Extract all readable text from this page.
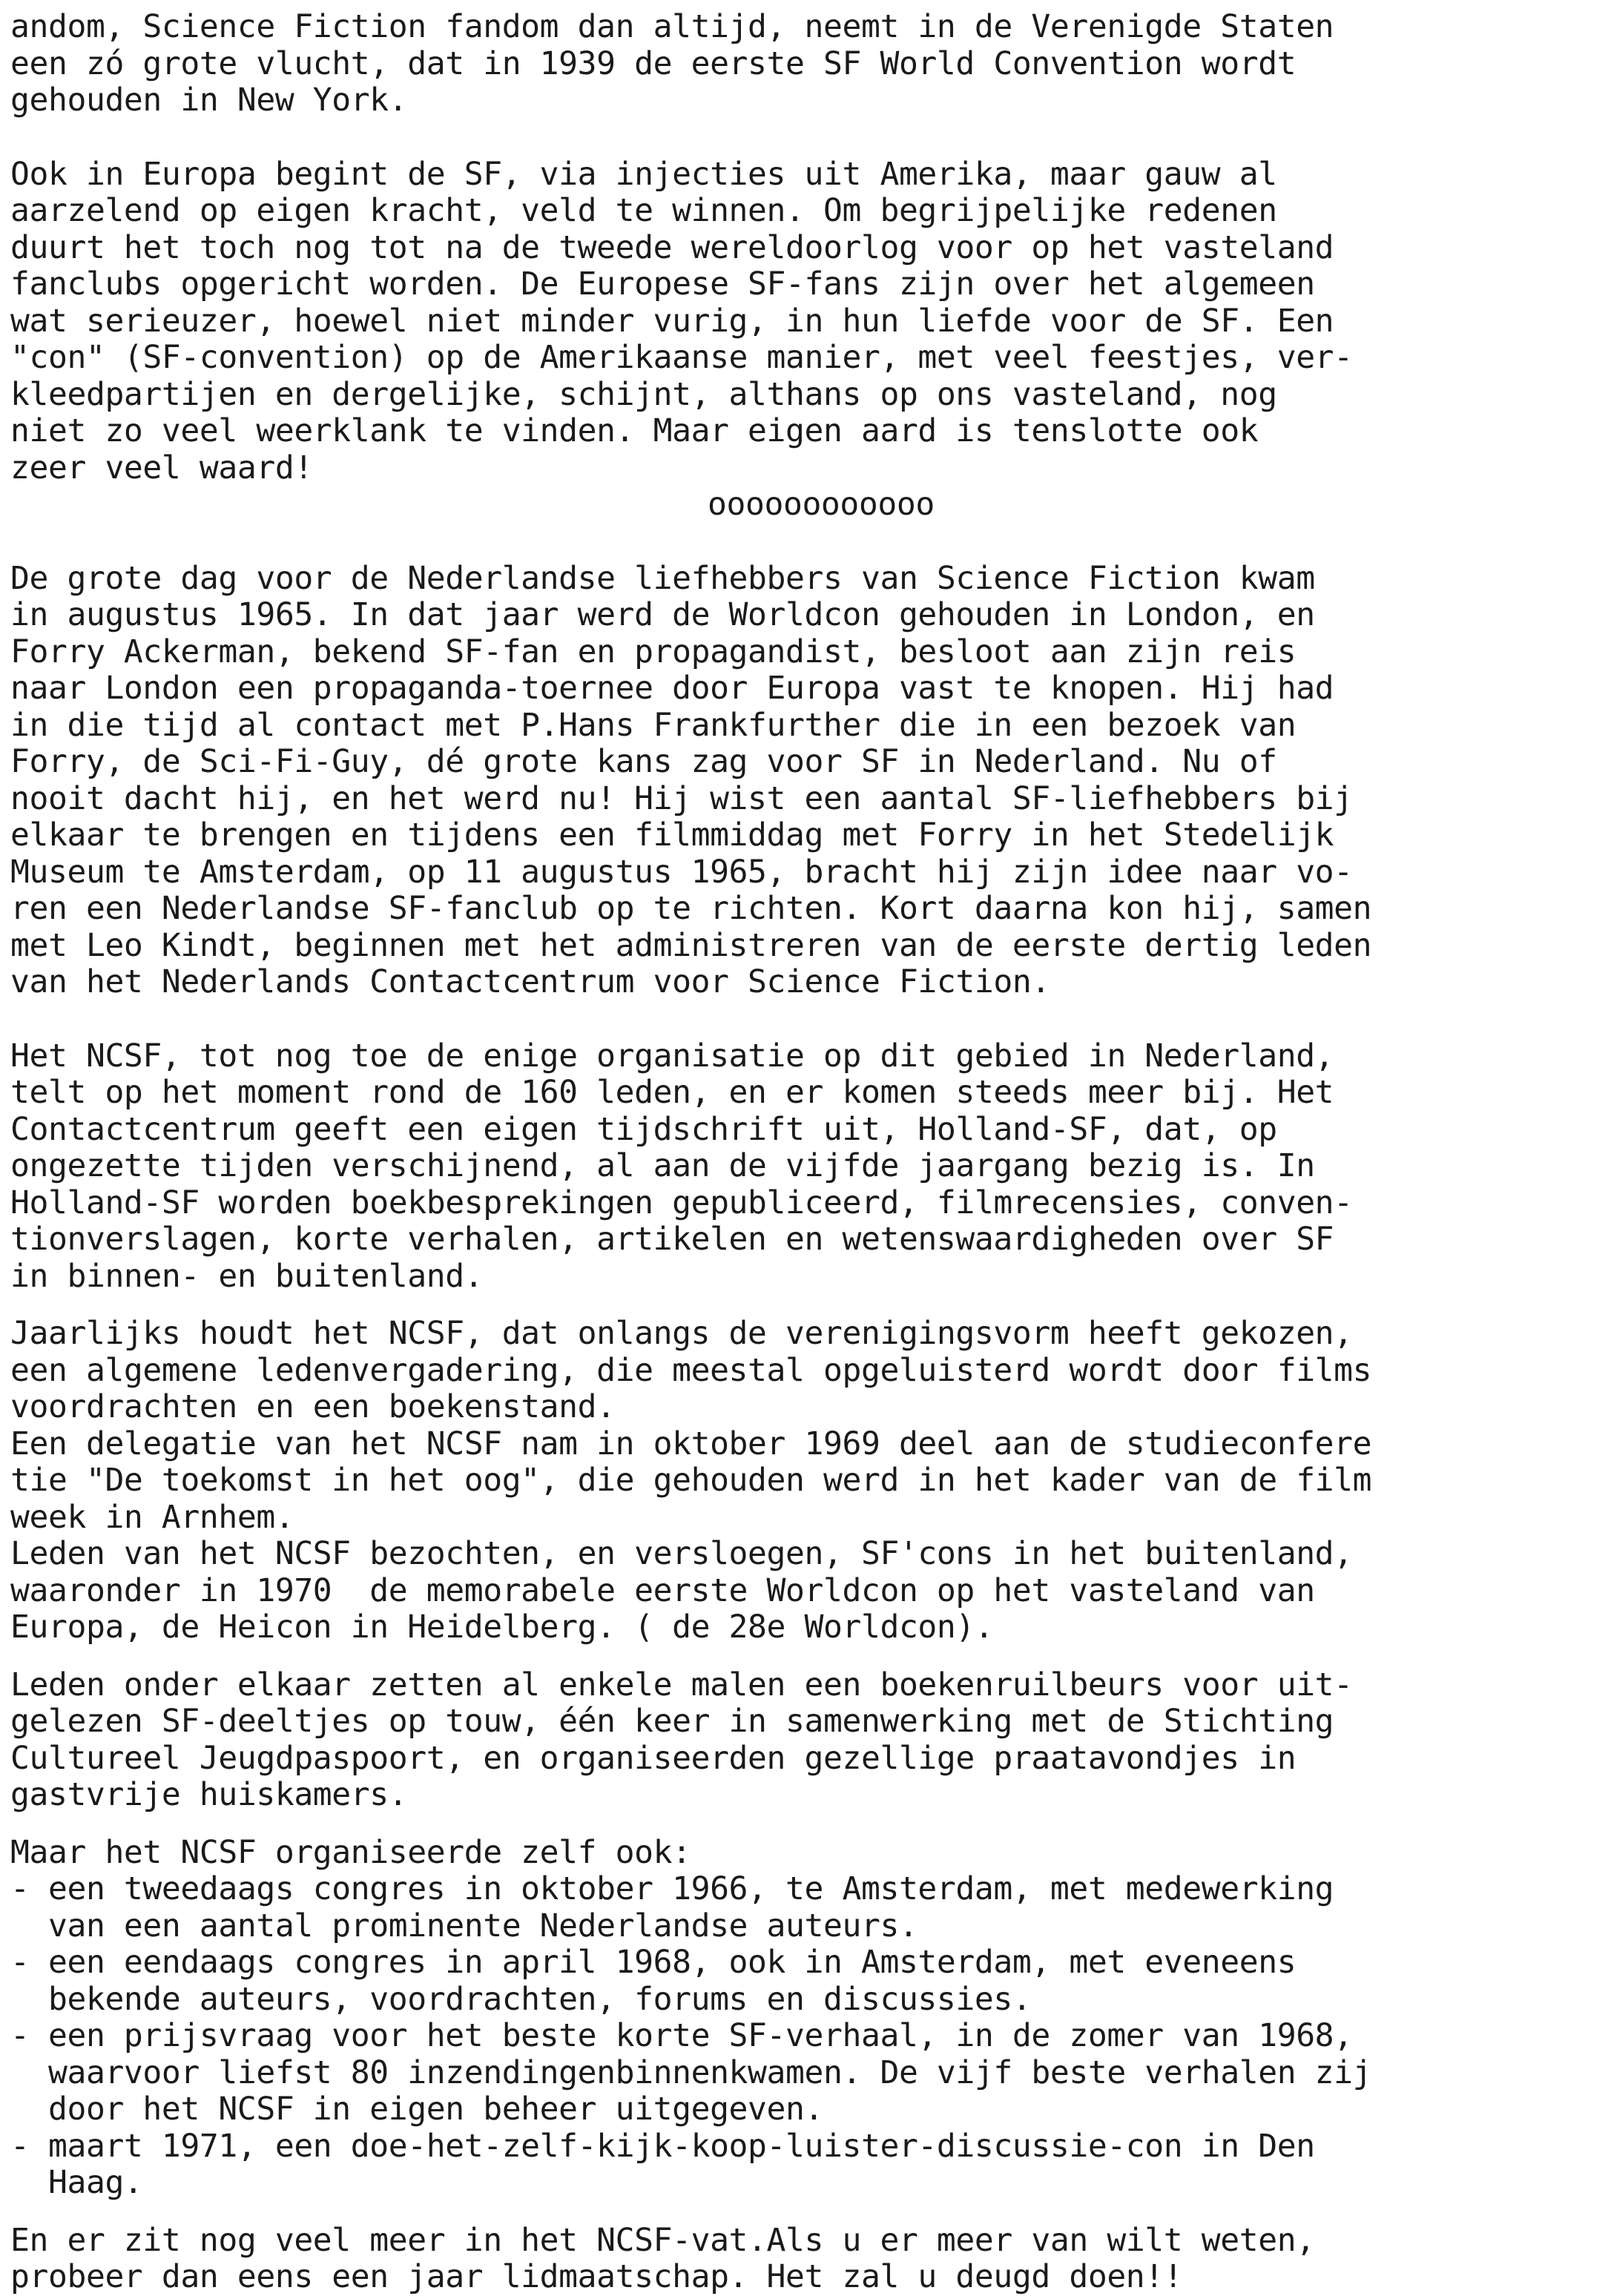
andom, Science Fiction fandom dan altijd, neemt in de Verenigde Staten
een zó grote vlucht, dat in 1939 de eerste SF World Convention wordt
gehouden in New York.
Ook in Europa begint de SF, via injecties uit Amerika, maar gauw al
aarzelend op eigen kracht, veld te winnen. Om begrijpelijke redenen
duurt het toch nog tot na de tweede wereldoorlog voor op het vasteland
fanclubs opgericht worden. De Europese SF-fans zijn over het algemeen
wat serieuzer, hoewel niet minder vurig, in hun liefde voor de SF. Een
"con" (SF-convention) op de Amerikaanse manier, met veel feestjes, ver-
kleedpartijen en dergelijke, schijnt, althans op ons vasteland, nog
niet zo veel weerklank te vinden. Maar eigen aard is tenslotte ook
zeer veel waard!
oooooooooooo
De grote dag voor de Nederlandse liefhebbers van Science Fiction kwam
in augustus 1965. In dat jaar werd de Worldcon gehouden in London, en
Forry Ackerman, bekend SF-fan en propagandist, besloot aan zijn reis
naar London een propaganda-toernee door Europa vast te knopen. Hij had
in die tijd al contact met P.Hans Frankfurther die in een bezoek van
Forry, de Sci-Fi-Guy, dé grote kans zag voor SF in Nederland. Nu of
nooit dacht hij, en het werd nu! Hij wist een aantal SF-liefhebbers bij
elkaar te brengen en tijdens een filmmiddag met Forry in het Stedelijk
Museum te Amsterdam, op 11 augustus 1965, bracht hij zijn idee naar vo-
ren een Nederlandse SF-fanclub op te richten. Kort daarna kon hij, samen
met Leo Kindt, beginnen met het administreren van de eerste dertig leden
van het Nederlands Contactcentrum voor Science Fiction.
Het NCSF, tot nog toe de enige organisatie op dit gebied in Nederland,
telt op het moment rond de 160 leden, en er komen steeds meer bij. Het
Contactcentrum geeft een eigen tijdschrift uit, Holland-SF, dat, op
ongezette tijden verschijnend, al aan de vijfde jaargang bezig is. In
Holland-SF worden boekbesprekingen gepubliceerd, filmrecensies, conven-
tionverslagen, korte verhalen, artikelen en wetenswaardigheden over SF
in binnen- en buitenland.
Jaarlijks houdt het NCSF, dat onlangs de verenigingsvorm heeft gekozen,
een algemene ledenvergadering, die meestal opgeluisterd wordt door films
voordrachten en een boekenstand.
Een delegatie van het NCSF nam in oktober 1969 deel aan de studieconfere
tie "De toekomst in het oog", die gehouden werd in het kader van de film
week in Arnhem.
Leden van het NCSF bezochten, en versloegen, SF'cons in het buitenland,
waaronder in 1970  de memorabele eerste Worldcon op het vasteland van
Europa, de Heicon in Heidelberg. ( de 28e Worldcon).
Leden onder elkaar zetten al enkele malen een boekenruilbeurs voor uit-
gelezen SF-deeltjes op touw, één keer in samenwerking met de Stichting
Cultureel Jeugdpaspoort, en organiseerden gezellige praatavondjes in
gastvrije huiskamers.
Maar het NCSF organiseerde zelf ook:
- een tweedaags congres in oktober 1966, te Amsterdam, met medewerking
van een aantal prominente Nederlandse auteurs.
- een eendaags congres in april 1968, ook in Amsterdam, met eveneens
bekende auteurs, voordrachten, forums en discussies.
- een prijsvraag voor het beste korte SF-verhaal, in de zomer van 1968,
waarvoor liefst 80 inzendingenbinnenkwamen. De vijf beste verhalen zij
door het NCSF in eigen beheer uitgegeven.
- maart 1971, een doe-het-zelf-kijk-koop-luister-discussie-con in Den
Haag.
En er zit nog veel meer in het NCSF-vat.Als u er meer van wilt weten,
probeer dan eens een jaar lidmaatschap. Het zal u deugd doen!!
